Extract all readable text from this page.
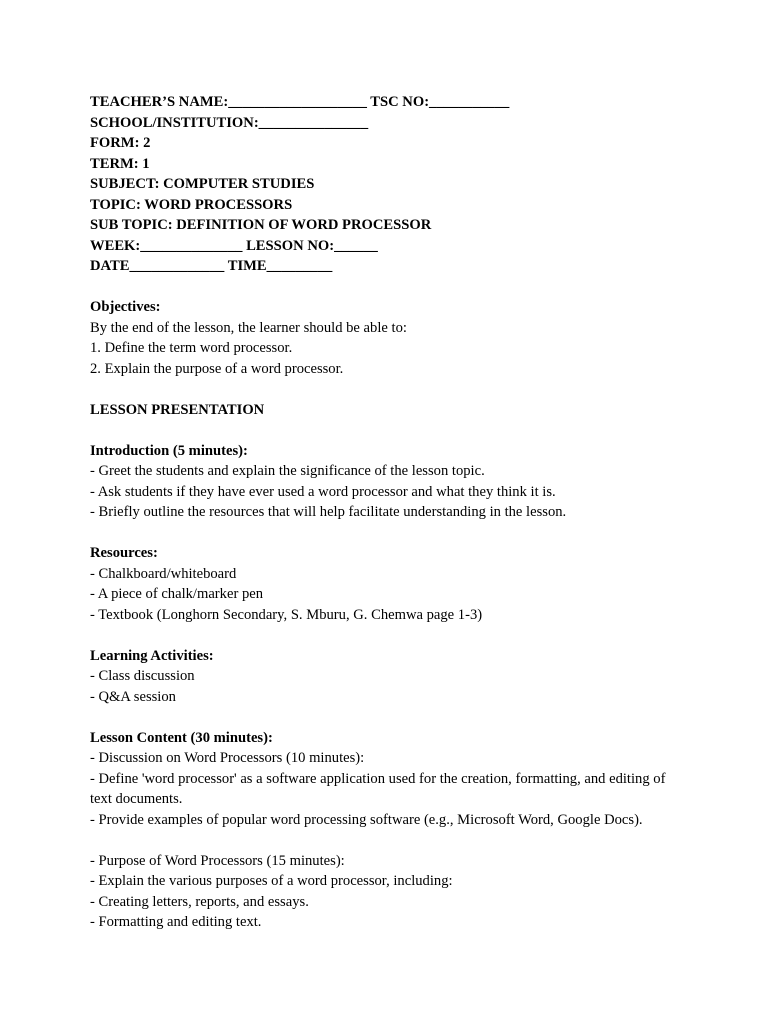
TEACHER’S NAME:___________________ TSC NO:___________
SCHOOL/INSTITUTION:_______________
FORM: 2
TERM: 1
SUBJECT: COMPUTER STUDIES
TOPIC: WORD PROCESSORS
SUB TOPIC: DEFINITION OF WORD PROCESSOR
WEEK:______________ LESSON NO:______
DATE_____________ TIME_________
Objectives:
By the end of the lesson, the learner should be able to:
1. Define the term word processor.
2. Explain the purpose of a word processor.
LESSON PRESENTATION
Introduction (5 minutes):
- Greet the students and explain the significance of the lesson topic.
- Ask students if they have ever used a word processor and what they think it is.
- Briefly outline the resources that will help facilitate understanding in the lesson.
Resources:
- Chalkboard/whiteboard
- A piece of chalk/marker pen
- Textbook (Longhorn Secondary, S. Mburu, G. Chemwa page 1-3)
Learning Activities:
- Class discussion
- Q&A session
Lesson Content (30 minutes):
- Discussion on Word Processors (10 minutes):
- Define 'word processor' as a software application used for the creation, formatting, and editing of text documents.
- Provide examples of popular word processing software (e.g., Microsoft Word, Google Docs).
- Purpose of Word Processors (15 minutes):
- Explain the various purposes of a word processor, including:
- Creating letters, reports, and essays.
- Formatting and editing text.
